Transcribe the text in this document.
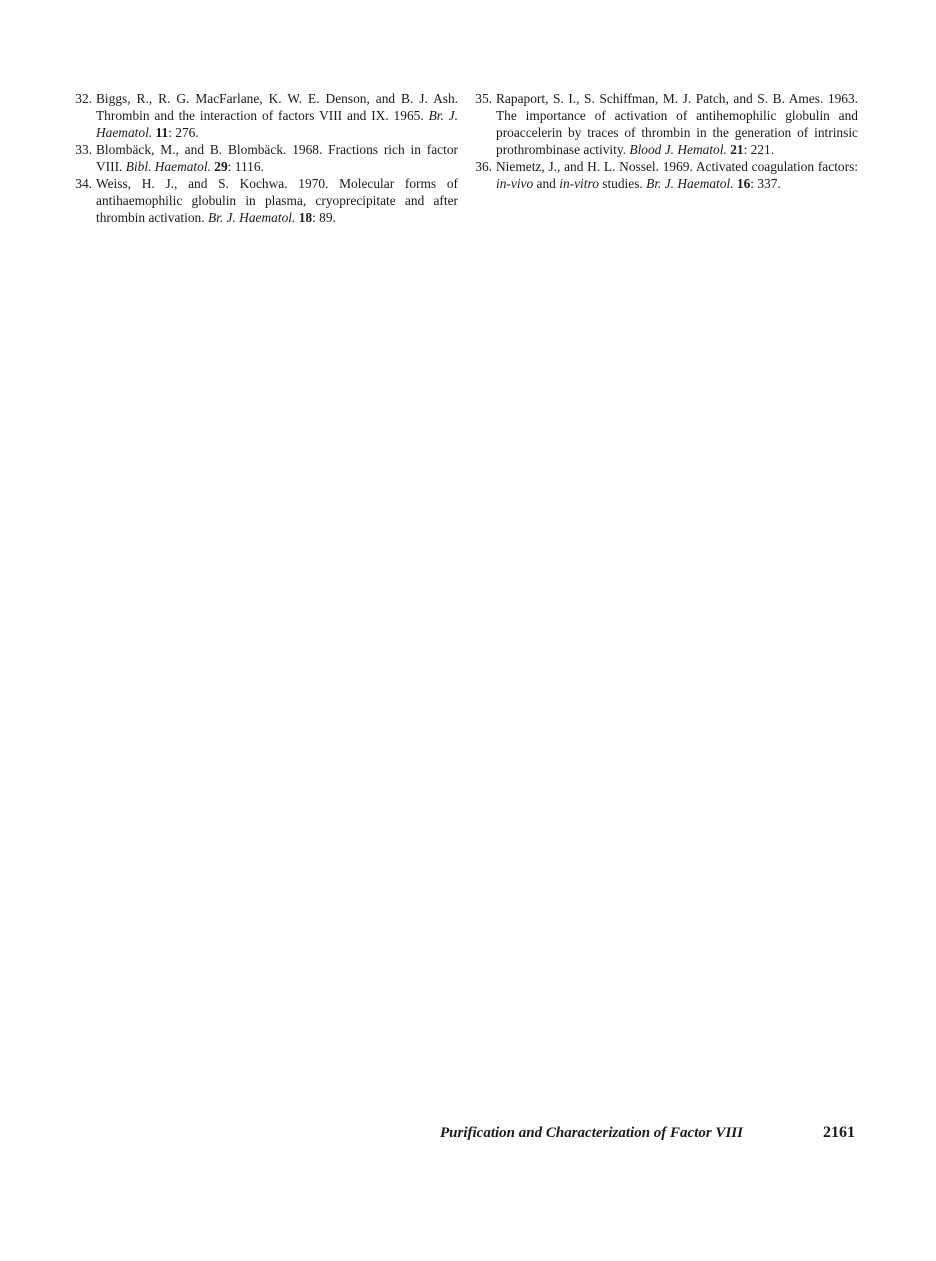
32. Biggs, R., R. G. MacFarlane, K. W. E. Denson, and B. J. Ash. Thrombin and the interaction of factors VIII and IX. 1965. Br. J. Haematol. 11: 276.
33. Blombäck, M., and B. Blombäck. 1968. Fractions rich in factor VIII. Bibl. Haematol. 29: 1116.
34. Weiss, H. J., and S. Kochwa. 1970. Molecular forms of antihaemophilic globulin in plasma, cryoprecipitate and after thrombin activation. Br. J. Haematol. 18: 89.
35. Rapaport, S. I., S. Schiffman, M. J. Patch, and S. B. Ames. 1963. The importance of activation of antihemophilic globulin and proaccelerin by traces of thrombin in the generation of intrinsic prothrombinase activity. Blood J. Hematol. 21: 221.
36. Niemetz, J., and H. L. Nossel. 1969. Activated coagulation factors: in-vivo and in-vitro studies. Br. J. Haematol. 16: 337.
Purification and Characterization of Factor VIII	2161
